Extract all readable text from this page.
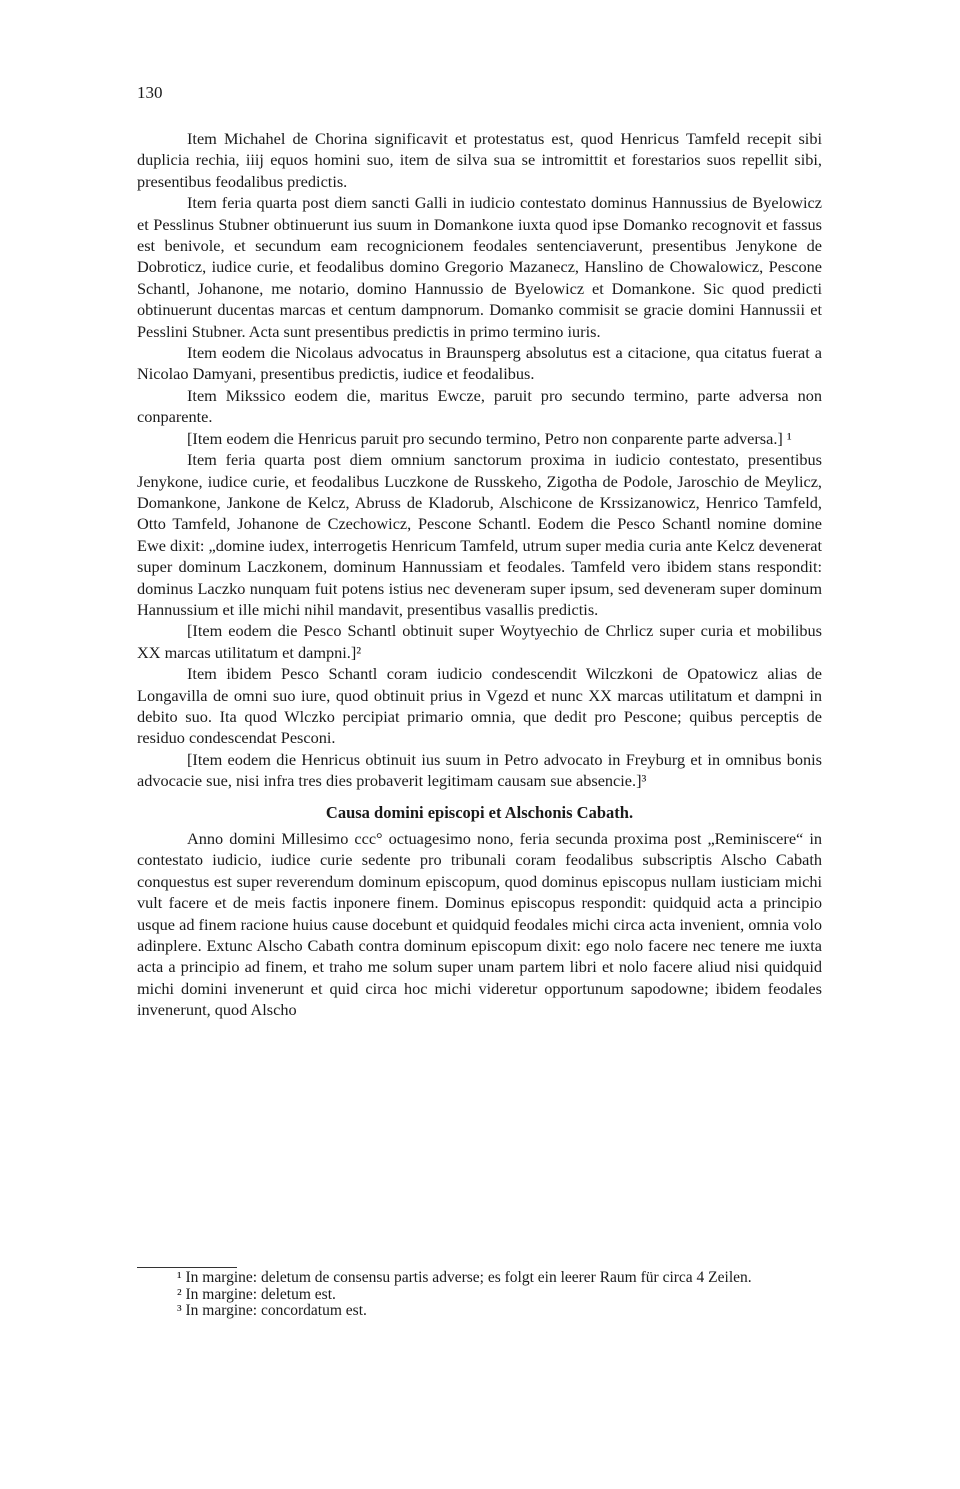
130

Item Michahel de Chorina significavit et protestatus est, quod Henricus Tamfeld recepit sibi duplicia rechia, iiij equos homini suo, item de silva sua se intromittit et forestarios suos repellit sibi, presentibus feodalibus predictis.

Item feria quarta post diem sancti Galli in iudicio contestato dominus Hannussius de Byelowicz et Pesslinus Stubner obtinuerunt ius suum in Domankone iuxta quod ipse Domanko recognovit et fassus est benivole, et secundum eam recognicionem feodales sentenciaverunt, presentibus Jenykone de Dobroticz, iudice curie, et feodalibus domino Gregorio Mazanecz, Hanslino de Chowalowicz, Pescone Schantl, Johanone, me notario, domino Hannussio de Byelowicz et Domankone. Sic quod predicti obtinuerunt ducentas marcas et centum dampnorum. Domanko commisit se gracie domini Hannussii et Pesslini Stubner. Acta sunt presentibus predictis in primo termino iuris.

Item eodem die Nicolaus advocatus in Braunsperg absolutus est a citacione, qua citatus fuerat a Nicolao Damyani, presentibus predictis, iudice et feodalibus.

Item Mikssico eodem die, maritus Ewcze, paruit pro secundo termino, parte adversa non conparente.

[Item eodem die Henricus paruit pro secundo termino, Petro non conparente parte adversa.] ¹

Item feria quarta post diem omnium sanctorum proxima in iudicio contestato, presentibus Jenykone, iudice curie, et feodalibus Luczkone de Russkeho, Zigotha de Podole, Jaroschio de Meylicz, Domankone, Jankone de Kelcz, Abruss de Kladorub, Alschicone de Krssizanowicz, Henrico Tamfeld, Otto Tamfeld, Johanone de Czechowicz, Pescone Schantl. Eodem die Pesco Schantl nomine domine Ewe dixit: „domine iudex, interrogetis Henricum Tamfeld, utrum super media curia ante Kelcz devenerat super dominum Laczkonem, dominum Hannussiam et feodales. Tamfeld vero ibidem stans respondit: dominus Laczko nunquam fuit potens istius nec deveneram super ipsum, sed deveneram super dominum Hannussium et ille michi nihil mandavit, presentibus vasallis predictis.

[Item eodem die Pesco Schantl obtinuit super Woytyechio de Chrlicz super curia et mobilibus XX marcas utilitatum et dampni.]²

Item ibidem Pesco Schantl coram iudicio condescendit Wilczkoni de Opatowicz alias de Longavilla de omni suo iure, quod obtinuit prius in Vgezd et nunc XX marcas utilitatum et dampni in debito suo. Ita quod Wlczko percipiat primario omnia, que dedit pro Pescone; quibus perceptis de residuo condescendat Pesconi.

[Item eodem die Henricus obtinuit ius suum in Petro advocato in Freyburg et in omnibus bonis advocacie sue, nisi infra tres dies probaverit legitimam causam sue absencie.]³

Causa domini episcopi et Alschonis Cabath.

Anno domini Millesimo ccc° octuagesimo nono, feria secunda proxima post „Reminiscere“ in contestato iudicio, iudice curie sedente pro tribunali coram feodalibus subscriptis Alscho Cabath conquestus est super reverendum dominum episcopum, quod dominus episcopus nullam iusticiam michi vult facere et de meis factis inponere finem. Dominus episcopus respondit: quidquid acta a principio usque ad finem racione huius cause docebunt et quidquid feodales michi circa acta invenient, omnia volo adinplere. Extunc Alscho Cabath contra dominum episcopum dixit: ego nolo facere nec tenere me iuxta acta a principio ad finem, et traho me solum super unam partem libri et nolo facere aliud nisi quidquid michi domini invenerunt et quid circa hoc michi videretur opportunum sapodowne; ibidem feodales invenerunt, quod Alscho

¹ In margine: deletum de consensu partis adverse; es folgt ein leerer Raum für circa 4 Zeilen.

² In margine: deletum est.

³ In margine: concordatum est.
